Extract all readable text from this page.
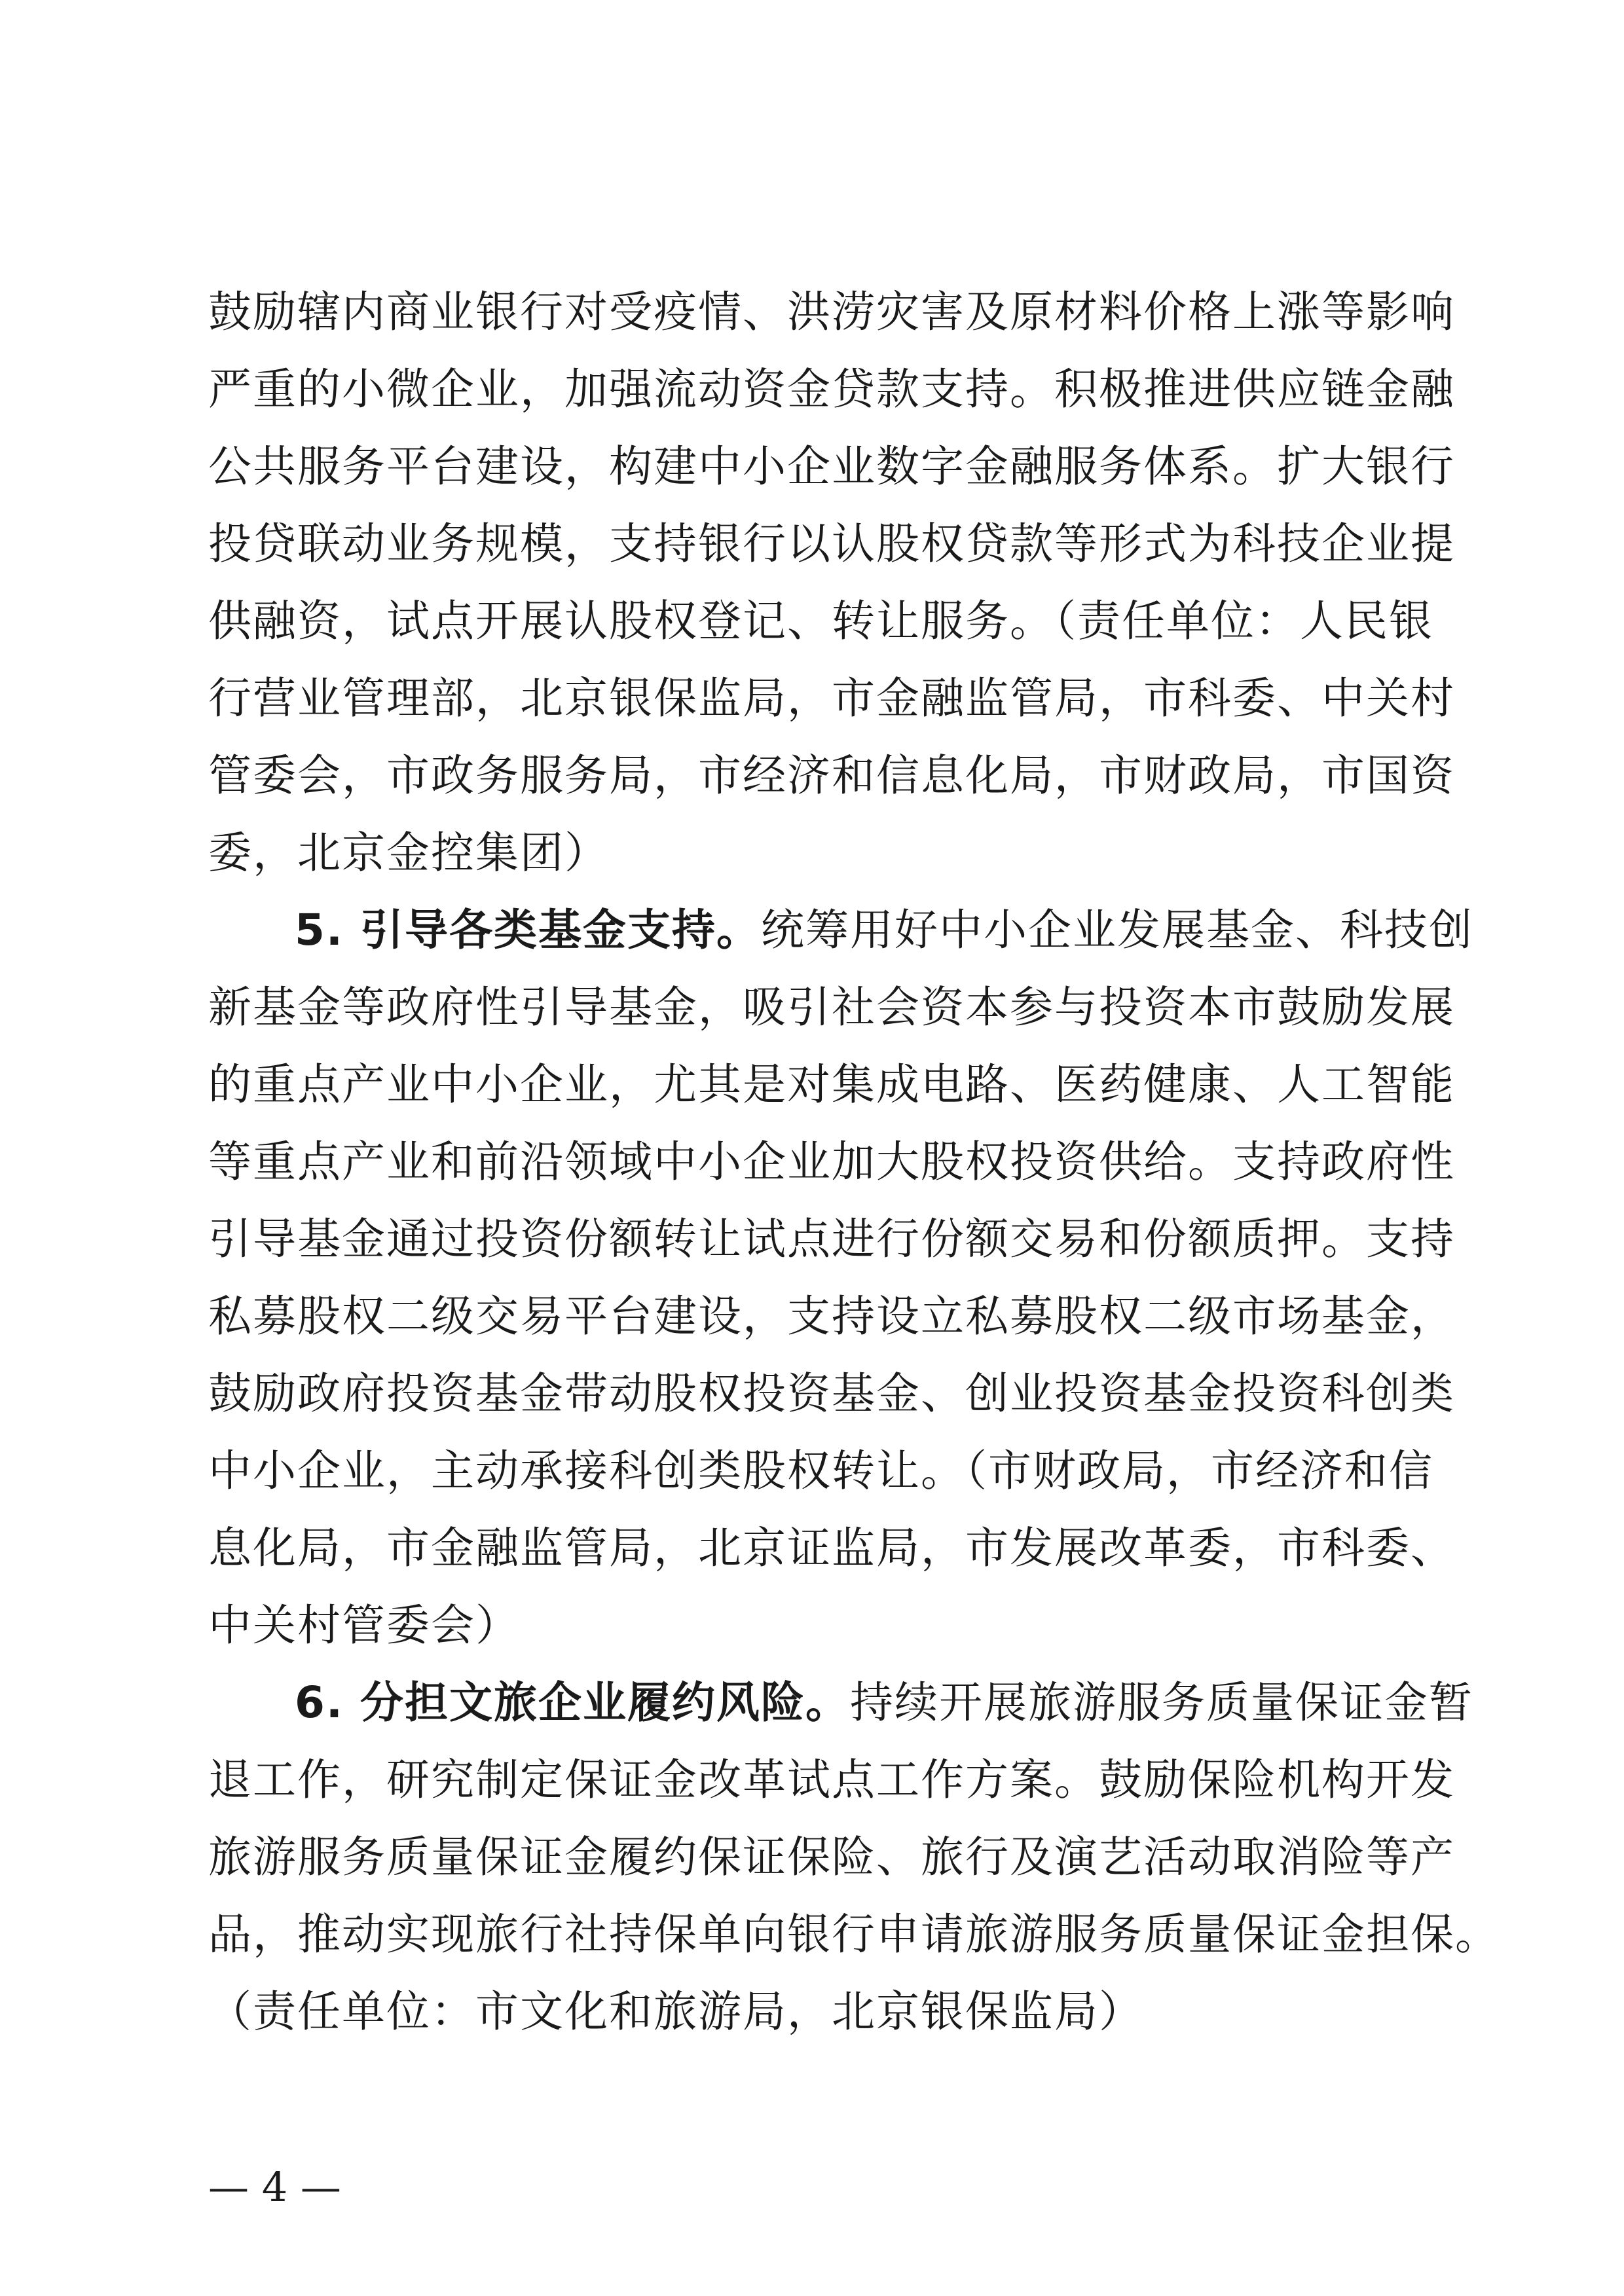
鼓励辖内商业银行对受疫情、洪涝灾害及原材料价格上涨等影响
严重的小微企业，加强流动资金贷款支持。积极推进供应链金融
公共服务平台建设，构建中小企业数字金融服务体系。扩大银行
投贷联动业务规模，支持银行以认股权贷款等形式为科技企业提
供融资，试点开展认股权登记、转让服务。（责任单位：人民银
行营业管理部，北京银保监局，市金融监管局，市科委、中关村
管委会，市政务服务局，市经济和信息化局，市财政局，市国资
委，北京金控集团）
5. 引导各类基金支持。统筹用好中小企业发展基金、科技创
新基金等政府性引导基金，吸引社会资本参与投资本市鼓励发展
的重点产业中小企业，尤其是对集成电路、医药健康、人工智能
等重点产业和前沿领域中小企业加大股权投资供给。支持政府性
引导基金通过投资份额转让试点进行份额交易和份额质押。支持
私募股权二级交易平台建设，支持设立私募股权二级市场基金，
鼓励政府投资基金带动股权投资基金、创业投资基金投资科创类
中小企业，主动承接科创类股权转让。（市财政局，市经济和信
息化局，市金融监管局，北京证监局，市发展改革委，市科委、
中关村管委会）
6. 分担文旅企业履约风险。持续开展旅游服务质量保证金暂
退工作，研究制定保证金改革试点工作方案。鼓励保险机构开发
旅游服务质量保证金履约保证保险、旅行及演艺活动取消险等产
品，推动实现旅行社持保单向银行申请旅游服务质量保证金担保。
（责任单位：市文化和旅游局，北京银保监局）
— 4 —
